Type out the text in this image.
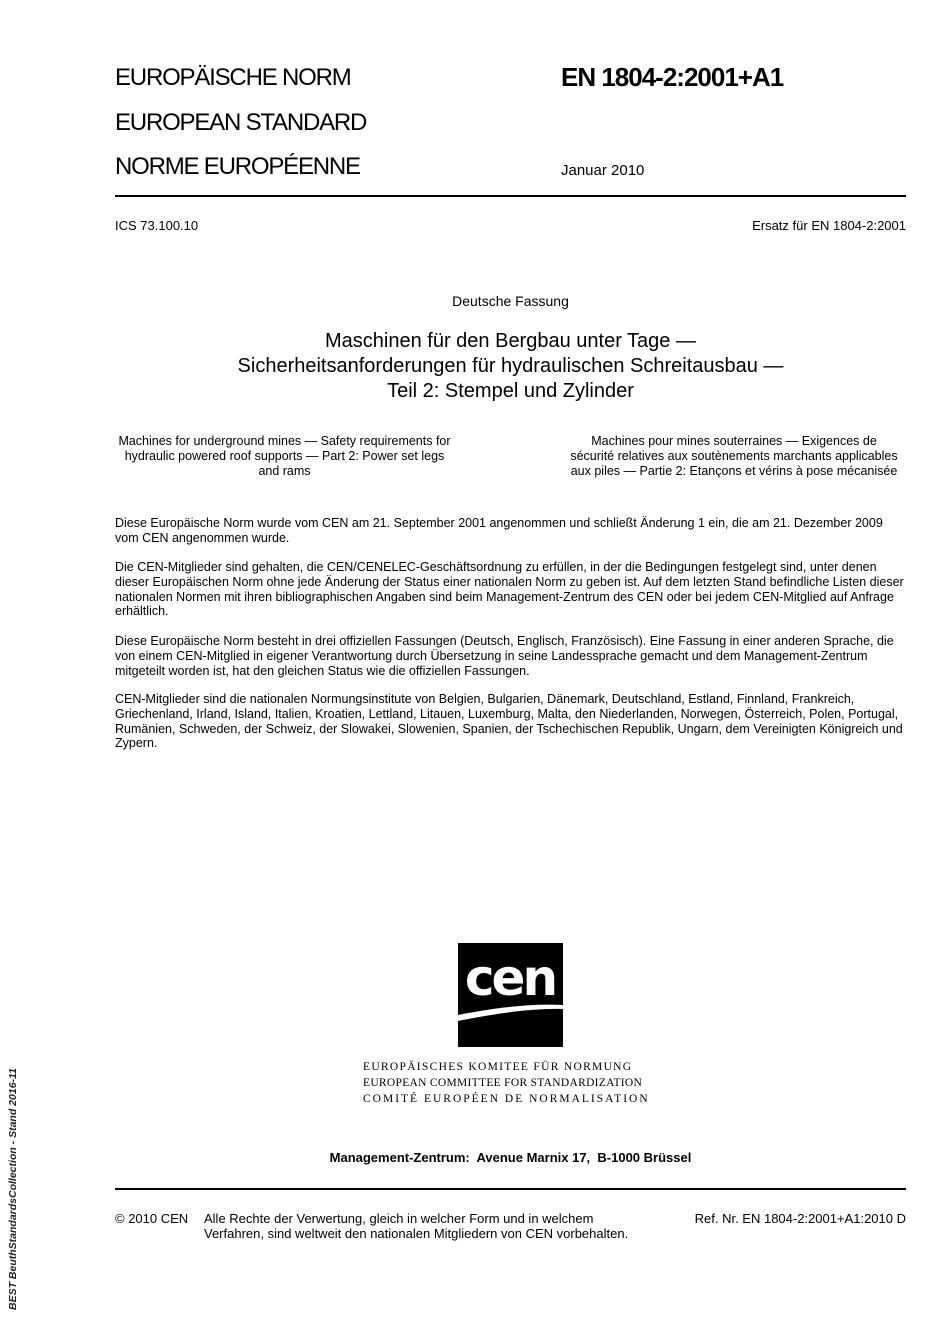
EUROPÄISCHE NORM
EUROPEAN STANDARD
NORME EUROPÉENNE
EN 1804-2:2001+A1
Januar 2010
ICS 73.100.10	Ersatz für EN 1804-2:2001
Deutsche Fassung
Maschinen für den Bergbau unter Tage —
Sicherheitsanforderungen für hydraulischen Schreitausbau —
Teil 2: Stempel und Zylinder
Machines for underground mines — Safety requirements for
hydraulic powered roof supports — Part 2: Power set legs
and rams
Machines pour mines souterraines — Exigences de
sécurité relatives aux soutènements marchants applicables
aux piles — Partie 2: Etançons et vérins à pose mécanisée
Diese Europäische Norm wurde vom CEN am 21. September 2001 angenommen und schließt Änderung 1 ein, die am 21. Dezember 2009 vom CEN angenommen wurde.
Die CEN-Mitglieder sind gehalten, die CEN/CENELEC-Geschäftsordnung zu erfüllen, in der die Bedingungen festgelegt sind, unter denen dieser Europäischen Norm ohne jede Änderung der Status einer nationalen Norm zu geben ist. Auf dem letzten Stand befindliche Listen dieser nationalen Normen mit ihren bibliographischen Angaben sind beim Management-Zentrum des CEN oder bei jedem CEN-Mitglied auf Anfrage erhältlich.
Diese Europäische Norm besteht in drei offiziellen Fassungen (Deutsch, Englisch, Französisch). Eine Fassung in einer anderen Sprache, die von einem CEN-Mitglied in eigener Verantwortung durch Übersetzung in seine Landessprache gemacht und dem Management-Zentrum mitgeteilt worden ist, hat den gleichen Status wie die offiziellen Fassungen.
CEN-Mitglieder sind die nationalen Normungsinstitute von Belgien, Bulgarien, Dänemark, Deutschland, Estland, Finnland, Frankreich, Griechenland, Irland, Island, Italien, Kroatien, Lettland, Litauen, Luxemburg, Malta, den Niederlanden, Norwegen, Österreich, Polen, Portugal, Rumänien, Schweden, der Schweiz, der Slowakei, Slowenien, Spanien, der Tschechischen Republik, Ungarn, dem Vereinigten Königreich und Zypern.
cen
EUROPÄISCHES KOMITEE FÜR NORMUNG
EUROPEAN COMMITTEE FOR STANDARDIZATION
COMITÉ EUROPÉEN DE NORMALISATION
Management-Zentrum:  Avenue Marnix 17,  B-1000 Brüssel
© 2010 CEN Alle Rechte der Verwertung, gleich in welcher Form und in welchem
Verfahren, sind weltweit den nationalen Mitgliedern von CEN vorbehalten.
Ref. Nr. EN 1804-2:2001+A1:2010 D
BEST BeuthStandardsCollection - Stand 2016-11
